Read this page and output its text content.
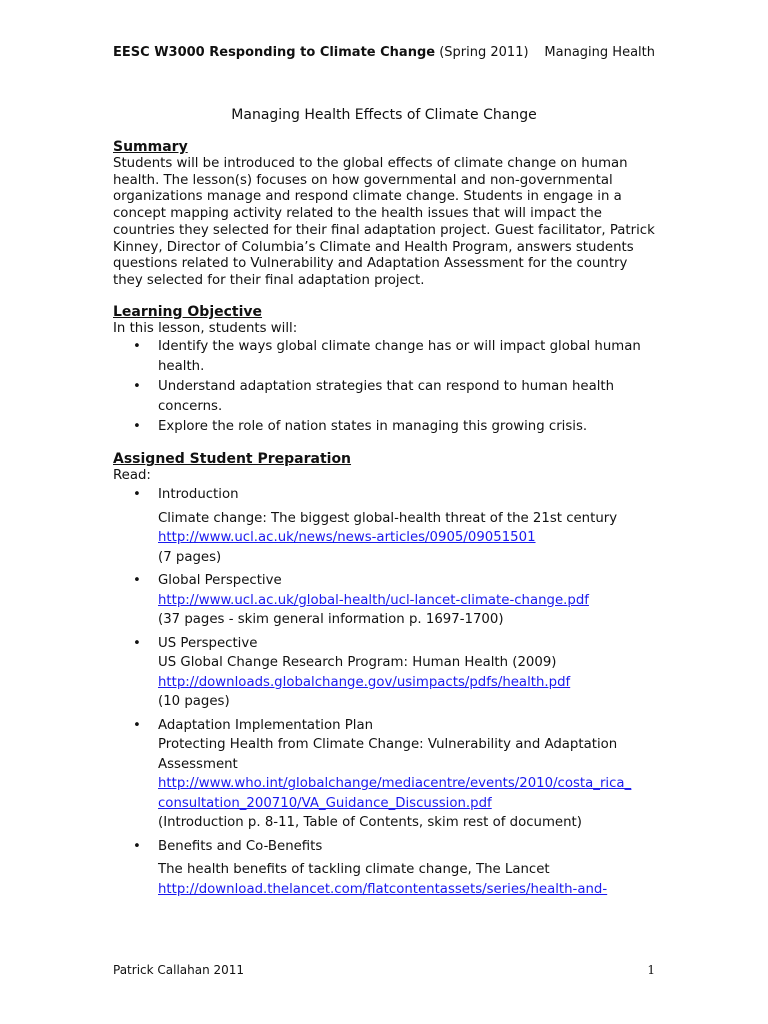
EESC W3000 Responding to Climate Change (Spring 2011) Managing Health
Managing Health Effects of Climate Change
Summary

Students will be introduced to the global effects of climate change on human health. The lesson(s) focuses on how governmental and non-governmental organizations manage and respond climate change. Students in engage in a concept mapping activity related to the health issues that will impact the countries they selected for their final adaptation project. Guest facilitator, Patrick Kinney, Director of Columbia’s Climate and Health Program, answers students questions related to Vulnerability and Adaptation Assessment for the country they selected for their final adaptation project.

Learning Objective

In this lesson, students will:

• Identify the ways global climate change has or will impact global human health.
• Understand adaptation strategies that can respond to human health concerns.
• Explore the role of nation states in managing this growing crisis.
Assigned Student Preparation

Read:

• Introduction
Climate change: The biggest global-health threat of the 21st century
http://www.ucl.ac.uk/news/news-articles/0905/09051501
(7 pages)
• Global Perspective
http://www.ucl.ac.uk/global-health/ucl-lancet-climate-change.pdf
(37 pages - skim general information p. 1697-1700)
• US Perspective
US Global Change Research Program: Human Health (2009)
http://downloads.globalchange.gov/usimpacts/pdfs/health.pdf
(10 pages)
• Adaptation Implementation Plan
Protecting Health from Climate Change: Vulnerability and Adaptation Assessment
http://www.who.int/globalchange/mediacentre/events/2010/costa_rica_
consultation_200710/VA_Guidance_Discussion.pdf
(Introduction p. 8-11, Table of Contents, skim rest of document)
• Benefits and Co-Benefits
The health benefits of tackling climate change, The Lancet
http://download.thelancet.com/flatcontentassets/series/health-and-
Patrick Callahan 2011	1
